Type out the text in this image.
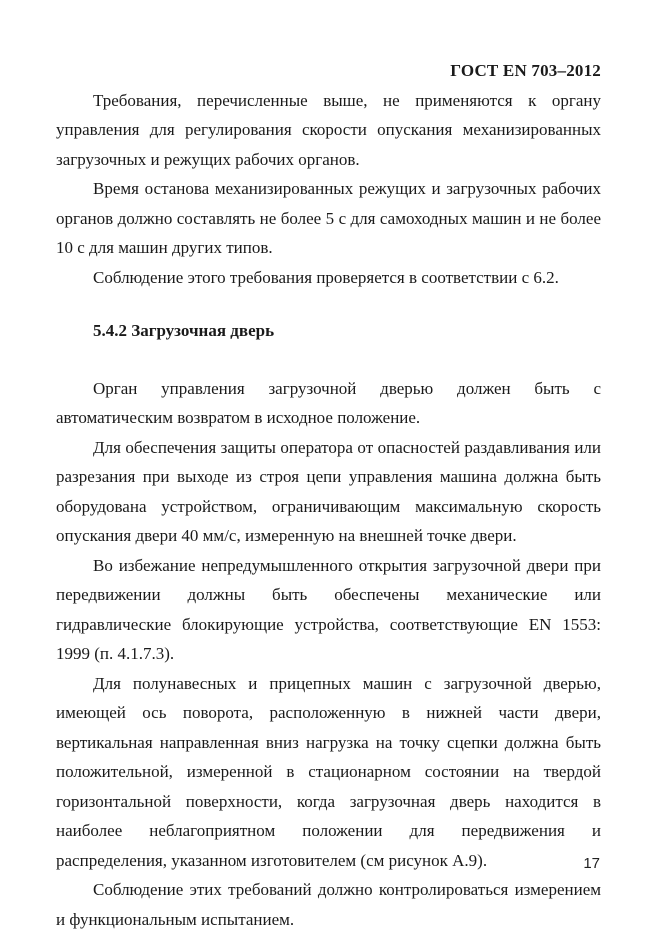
ГОСТ EN 703–2012

Требования, перечисленные выше, не применяются к органу управления для регулирования скорости опускания механизированных загрузочных и режущих рабочих органов.

Время останова механизированных режущих и загрузочных рабочих органов должно составлять не более 5 с для самоходных машин и не более 10 с для машин других типов.

Соблюдение этого требования проверяется в соответствии с 6.2.

5.4.2 Загрузочная дверь

Орган управления загрузочной дверью должен быть с автоматическим возвратом в исходное положение.

Для обеспечения защиты оператора от опасностей раздавливания или разрезания при выходе из строя цепи управления машина должна быть оборудована устройством, ограничивающим максимальную скорость опускания двери 40 мм/с, измеренную на внешней точке двери.

Во избежание непредумышленного открытия загрузочной двери при передвижении должны быть обеспечены механические или гидравлические блокирующие устройства, соответствующие EN 1553: 1999 (п. 4.1.7.3).

Для полунавесных и прицепных машин с загрузочной дверью, имеющей ось поворота, расположенную в нижней части двери, вертикальная направленная вниз нагрузка на точку сцепки должна быть положительной, измеренной в стационарном состоянии на твердой горизонтальной поверхности, когда загрузочная дверь находится в наиболее неблагоприятном положении для передвижения и распределения, указанном изготовителем (см рисунок А.9).

Соблюдение этих требований должно контролироваться измерением и функциональным испытанием.

17
